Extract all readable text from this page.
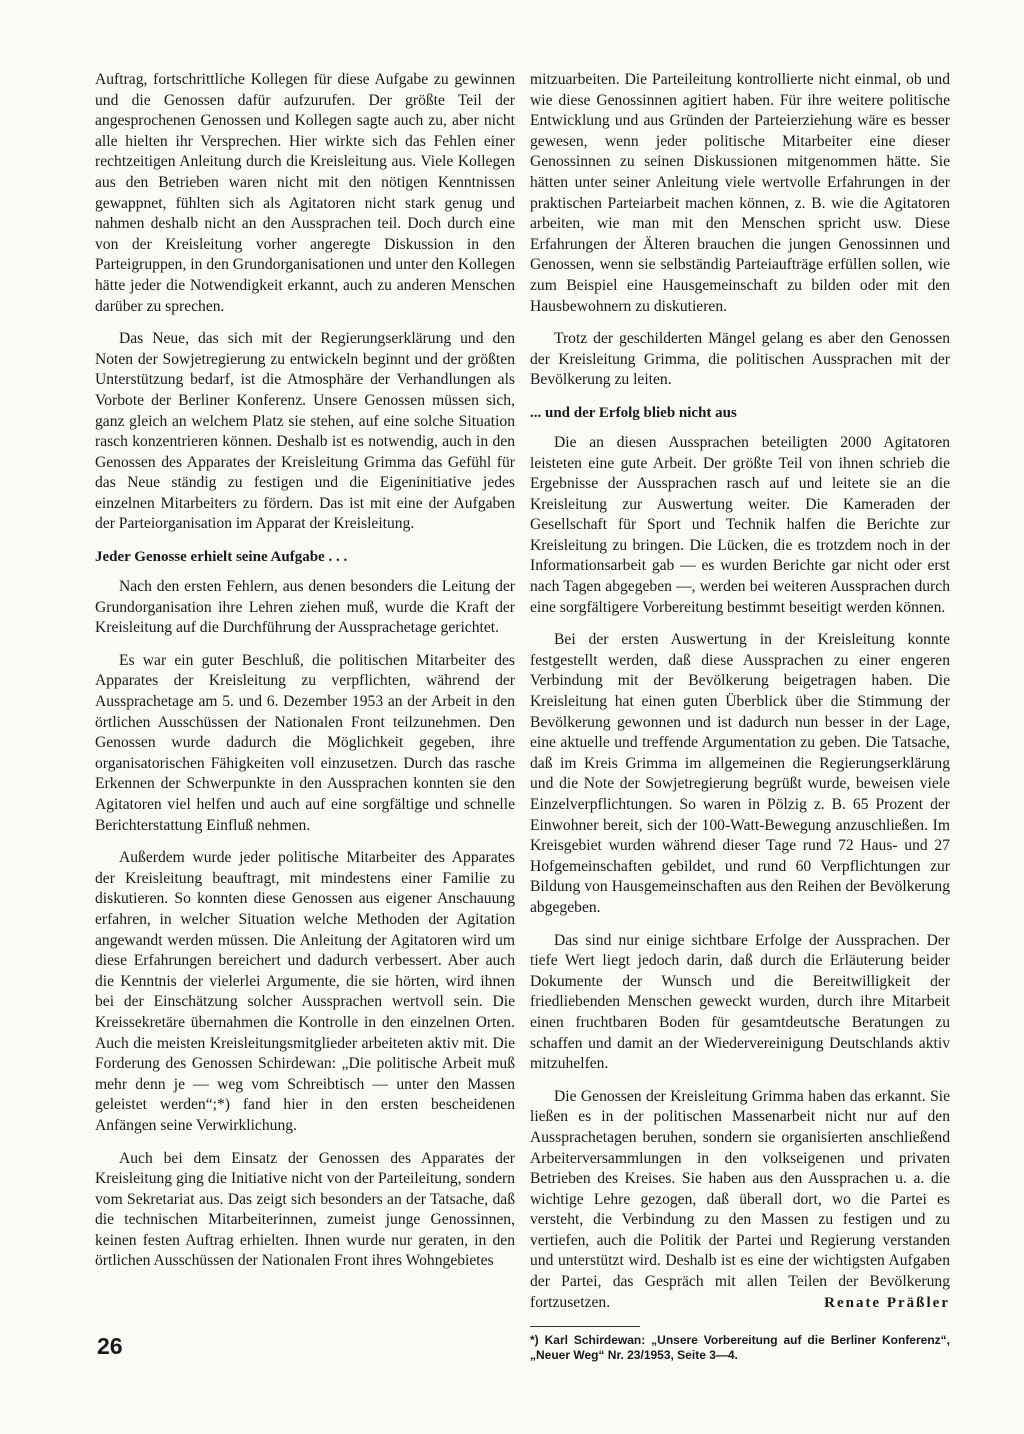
Auftrag, fortschrittliche Kollegen für diese Aufgabe zu gewinnen und die Genossen dafür aufzurufen. Der größte Teil der angesprochenen Genossen und Kollegen sagte auch zu, aber nicht alle hielten ihr Versprechen. Hier wirkte sich das Fehlen einer rechtzeitigen Anleitung durch die Kreisleitung aus. Viele Kollegen aus den Betrieben waren nicht mit den nötigen Kenntnissen gewappnet, fühlten sich als Agitatoren nicht stark genug und nahmen deshalb nicht an den Aussprachen teil. Doch durch eine von der Kreisleitung vorher angeregte Diskussion in den Parteigruppen, in den Grundorganisationen und unter den Kollegen hätte jeder die Notwendigkeit erkannt, auch zu anderen Menschen darüber zu sprechen.

Das Neue, das sich mit der Regierungserklärung und den Noten der Sowjetregierung zu entwickeln beginnt und der größten Unterstützung bedarf, ist die Atmosphäre der Verhandlungen als Vorbote der Berliner Konferenz. Unsere Genossen müssen sich, ganz gleich an welchem Platz sie stehen, auf eine solche Situation rasch konzentrieren können. Deshalb ist es notwendig, auch in den Genossen des Apparates der Kreisleitung Grimma das Gefühl für das Neue ständig zu festigen und die Eigeninitiative jedes einzelnen Mitarbeiters zu fördern. Das ist mit eine der Aufgaben der Parteiorganisation im Apparat der Kreisleitung.

Jeder Genosse erhielt seine Aufgabe . . .

Nach den ersten Fehlern, aus denen besonders die Leitung der Grundorganisation ihre Lehren ziehen muß, wurde die Kraft der Kreisleitung auf die Durchführung der Aussprachetage gerichtet.

Es war ein guter Beschluß, die politischen Mitarbeiter des Apparates der Kreisleitung zu verpflichten, während der Aussprachetage am 5. und 6. Dezember 1953 an der Arbeit in den örtlichen Ausschüssen der Nationalen Front teilzunehmen. Den Genossen wurde dadurch die Möglichkeit gegeben, ihre organisatorischen Fähigkeiten voll einzusetzen. Durch das rasche Erkennen der Schwerpunkte in den Aussprachen konnten sie den Agitatoren viel helfen und auch auf eine sorgfältige und schnelle Berichterstattung Einfluß nehmen.

Außerdem wurde jeder politische Mitarbeiter des Apparates der Kreisleitung beauftragt, mit mindestens einer Familie zu diskutieren. So konnten diese Genossen aus eigener Anschauung erfahren, in welcher Situation welche Methoden der Agitation angewandt werden müssen. Die Anleitung der Agitatoren wird um diese Erfahrungen bereichert und dadurch verbessert. Aber auch die Kenntnis der vielerlei Argumente, die sie hörten, wird ihnen bei der Einschätzung solcher Aussprachen wertvoll sein. Die Kreissekretäre übernahmen die Kontrolle in den einzelnen Orten. Auch die meisten Kreisleitungsmitglieder arbeiteten aktiv mit. Die Forderung des Genossen Schirdewan: „Die politische Arbeit muß mehr denn je — weg vom Schreibtisch — unter den Massen geleistet werden“;*) fand hier in den ersten bescheidenen Anfängen seine Verwirklichung.

Auch bei dem Einsatz der Genossen des Apparates der Kreisleitung ging die Initiative nicht von der Parteileitung, sondern vom Sekretariat aus. Das zeigt sich besonders an der Tatsache, daß die technischen Mitarbeiterinnen, zumeist junge Genossinnen, keinen festen Auftrag erhielten. Ihnen wurde nur geraten, in den örtlichen Ausschüssen der Nationalen Front ihres Wohngebietes

mitzuarbeiten. Die Parteileitung kontrollierte nicht einmal, ob und wie diese Genossinnen agitiert haben. Für ihre weitere politische Entwicklung und aus Gründen der Parteierziehung wäre es besser gewesen, wenn jeder politische Mitarbeiter eine dieser Genossinnen zu seinen Diskussionen mitgenommen hätte. Sie hätten unter seiner Anleitung viele wertvolle Erfahrungen in der praktischen Parteiarbeit machen können, z. B. wie die Agitatoren arbeiten, wie man mit den Menschen spricht usw. Diese Erfahrungen der Älteren brauchen die jungen Genossinnen und Genossen, wenn sie selbständig Parteiaufträge erfüllen sollen, wie zum Beispiel eine Hausgemeinschaft zu bilden oder mit den Hausbewohnern zu diskutieren.

Trotz der geschilderten Mängel gelang es aber den Genossen der Kreisleitung Grimma, die politischen Aussprachen mit der Bevölkerung zu leiten.

... und der Erfolg blieb nicht aus

Die an diesen Aussprachen beteiligten 2000 Agitatoren leisteten eine gute Arbeit. Der größte Teil von ihnen schrieb die Ergebnisse der Aussprachen rasch auf und leitete sie an die Kreisleitung zur Auswertung weiter. Die Kameraden der Gesellschaft für Sport und Technik halfen die Berichte zur Kreisleitung zu bringen. Die Lücken, die es trotzdem noch in der Informationsarbeit gab — es wurden Berichte gar nicht oder erst nach Tagen abgegeben —, werden bei weiteren Aussprachen durch eine sorgfältigere Vorbereitung bestimmt beseitigt werden können.

Bei der ersten Auswertung in der Kreisleitung konnte festgestellt werden, daß diese Aussprachen zu einer engeren Verbindung mit der Bevölkerung beigetragen haben. Die Kreisleitung hat einen guten Überblick über die Stimmung der Bevölkerung gewonnen und ist dadurch nun besser in der Lage, eine aktuelle und treffende Argumentation zu geben. Die Tatsache, daß im Kreis Grimma im allgemeinen die Regierungserklärung und die Note der Sowjetregierung begrüßt wurde, beweisen viele Einzelverpflichtungen. So waren in Pölzig z. B. 65 Prozent der Einwohner bereit, sich der 100-Watt-Bewegung anzuschließen. Im Kreisgebiet wurden während dieser Tage rund 72 Haus- und 27 Hofgemeinschaften gebildet, und rund 60 Verpflichtungen zur Bildung von Hausgemeinschaften aus den Reihen der Bevölkerung abgegeben.

Das sind nur einige sichtbare Erfolge der Aussprachen. Der tiefe Wert liegt jedoch darin, daß durch die Erläuterung beider Dokumente der Wunsch und die Bereitwilligkeit der friedliebenden Menschen geweckt wurden, durch ihre Mitarbeit einen fruchtbaren Boden für gesamtdeutsche Beratungen zu schaffen und damit an der Wiedervereinigung Deutschlands aktiv mitzuhelfen.

Die Genossen der Kreisleitung Grimma haben das erkannt. Sie ließen es in der politischen Massenarbeit nicht nur auf den Aussprachetagen beruhen, sondern sie organisierten anschließend Arbeiterversammlungen in den volkseigenen und privaten Betrieben des Kreises. Sie haben aus den Aussprachen u. a. die wichtige Lehre gezogen, daß überall dort, wo die Partei es versteht, die Verbindung zu den Massen zu festigen und zu vertiefen, auch die Politik der Partei und Regierung verstanden und unterstützt wird. Deshalb ist es eine der wichtigsten Aufgaben der Partei, das Gespräch mit allen Teilen der Bevölkerung fortzusetzen.	Renate Präßler
*) Karl Schirdewan: „Unsere Vorbereitung auf die Berliner Konferenz“, „Neuer Weg“ Nr. 23/1953, Seite 3—4.
26
